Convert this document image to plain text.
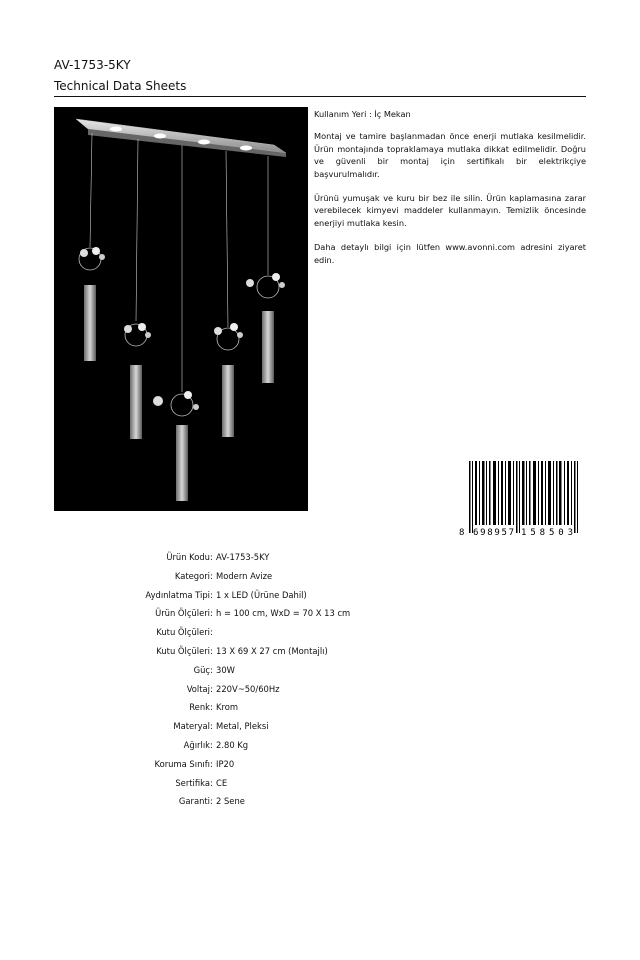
AV-1753-5KY
Technical Data Sheets

Kullanım Yeri : İç Mekan

Montaj ve tamire başlanmadan önce enerji mutlaka kesilmelidir. Ürün montajında topraklamaya mutlaka dikkat edilmelidir. Doğru ve güvenli bir montaj için sertifikalı bir elektrikçiye başvurulmalıdır.

Ürünü yumuşak ve kuru bir bez ile silin. Ürün kaplamasına zarar verebilecek kimyevi maddeler kullanmayın. Temizlik öncesinde enerjiyi mutlaka kesin.

Daha detaylı bilgi için lütfen www.avonni.com adresini ziyaret edin.

8 698957 158503
Ürün Kodu : AV-1753-5KY
Kategori : Modern Avize
Aydınlatma Tipi : 1 x LED (Ürüne Dahil)
Ürün Ölçüleri : h = 100 cm, WxD = 70 X 13 cm
Kutu Ölçüleri :
Kutu Ölçüleri : 13 X 69 X 27 cm (Montajlı)
Güç : 30W
Voltaj : 220V~50/60Hz
Renk : Krom
Materyal : Metal, Pleksi
Ağırlık : 2.80 Kg
Koruma Sınıfı : IP20
Sertifika : CE
Garanti : 2 Sene
